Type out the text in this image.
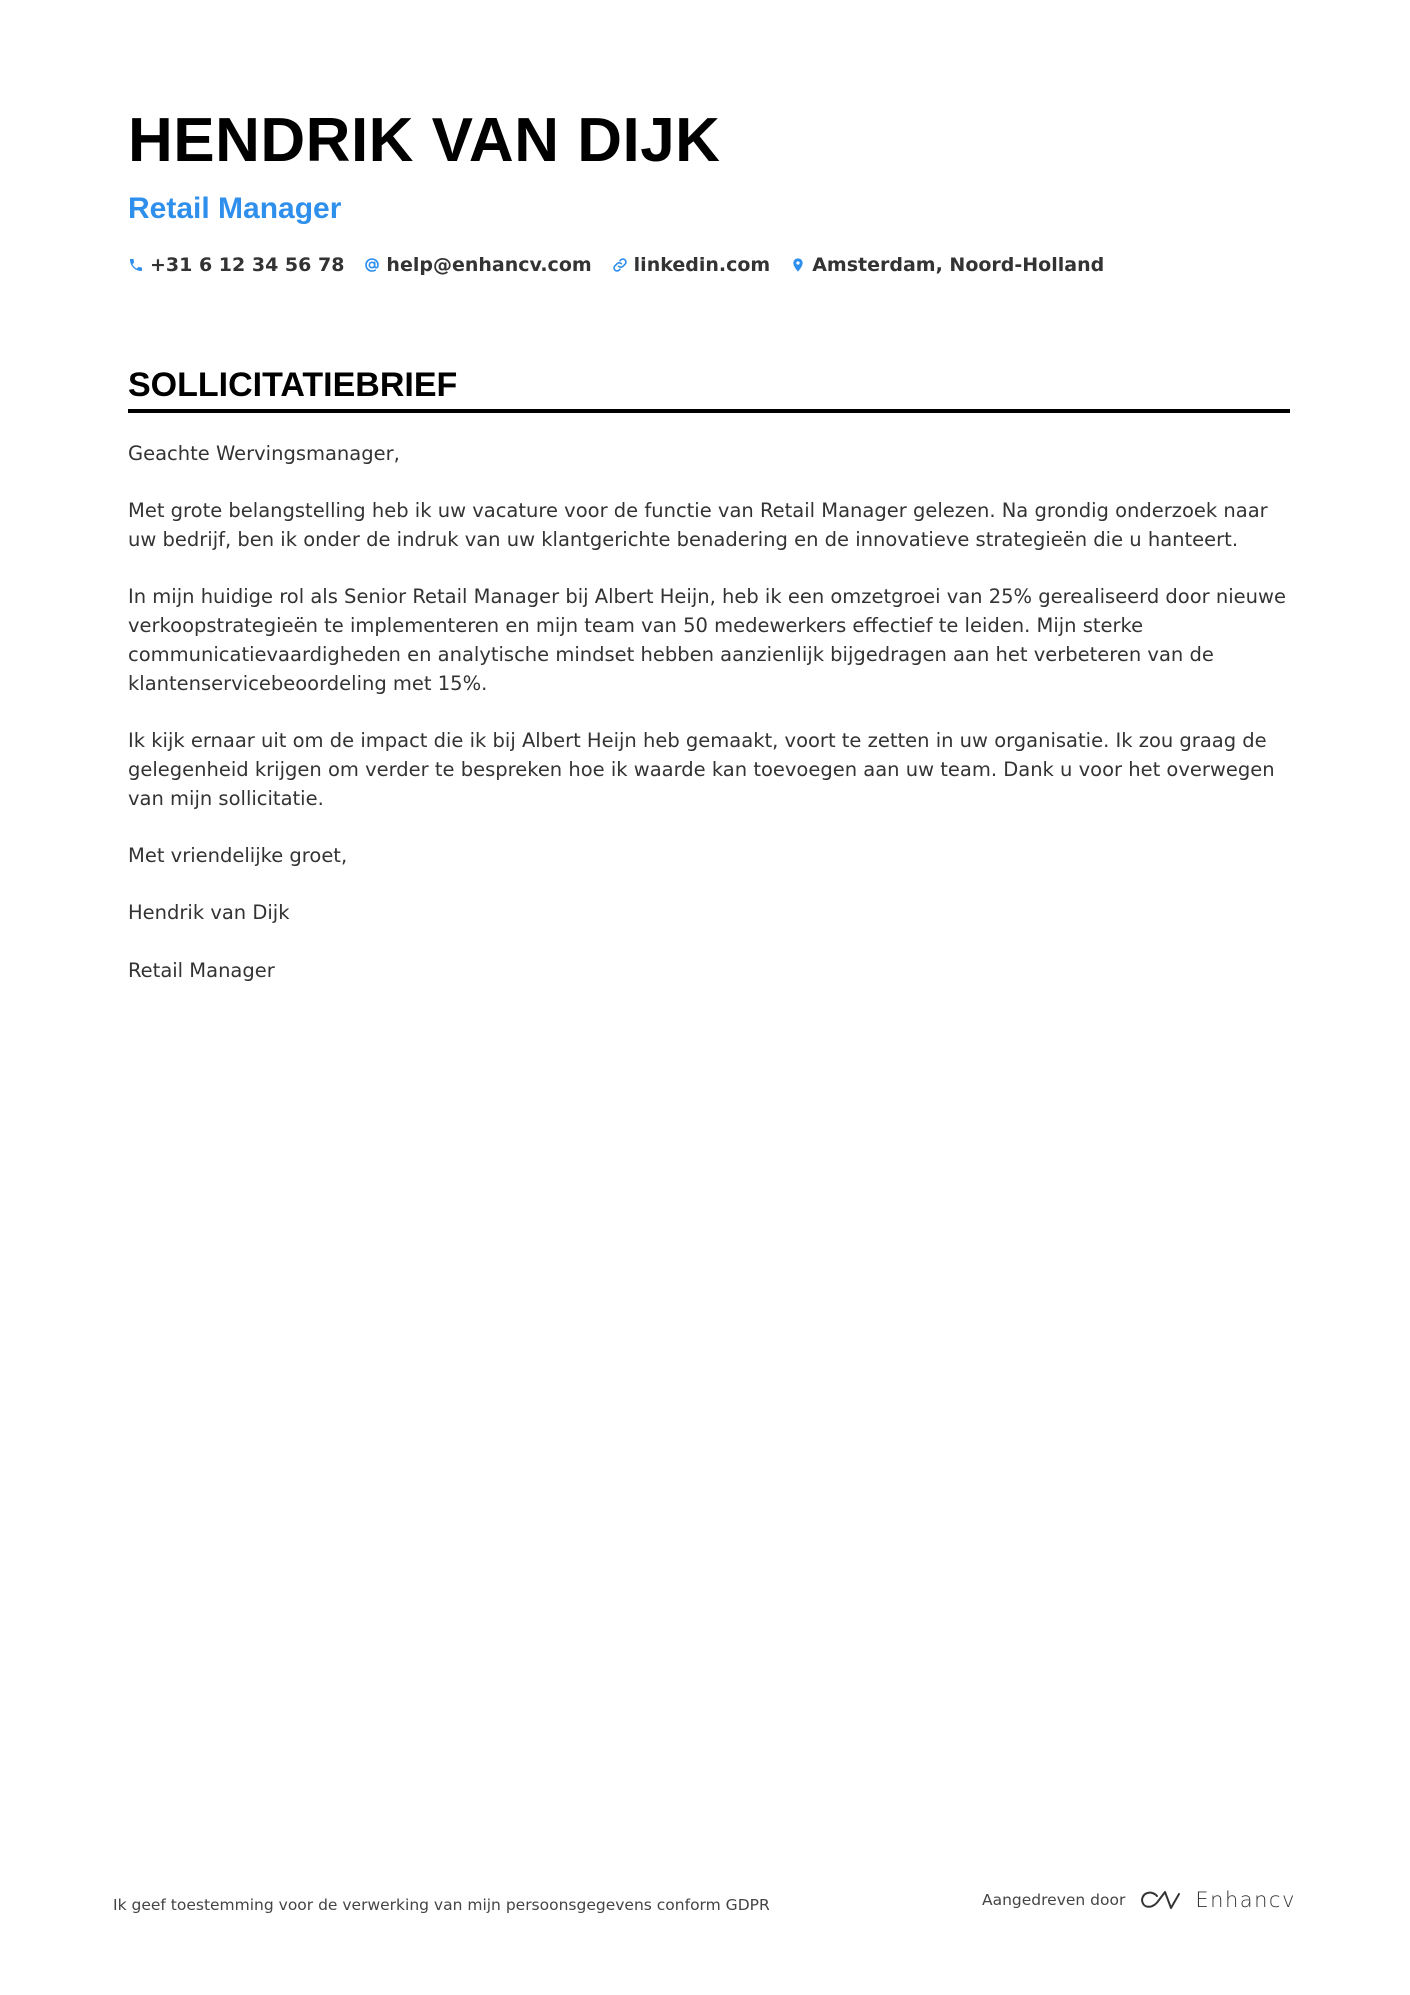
HENDRIK VAN DIJK
Retail Manager
+31 6 12 34 56 78 help@enhancv.com linkedin.com Amsterdam, Noord-Holland
SOLLICITATIEBRIEF

Geachte Wervingsmanager,

Met grote belangstelling heb ik uw vacature voor de functie van Retail Manager gelezen. Na grondig onderzoek naar uw bedrijf, ben ik onder de indruk van uw klantgerichte benadering en de innovatieve strategieën die u hanteert.

In mijn huidige rol als Senior Retail Manager bij Albert Heijn, heb ik een omzetgroei van 25% gerealiseerd door nieuwe verkoopstrategieën te implementeren en mijn team van 50 medewerkers effectief te leiden. Mijn sterke communicatievaardigheden en analytische mindset hebben aanzienlijk bijgedragen aan het verbeteren van de klantenservicebeoordeling met 15%.

Ik kijk ernaar uit om de impact die ik bij Albert Heijn heb gemaakt, voort te zetten in uw organisatie. Ik zou graag de gelegenheid krijgen om verder te bespreken hoe ik waarde kan toevoegen aan uw team. Dank u voor het overwegen van mijn sollicitatie.

Met vriendelijke groet,

Hendrik van Dijk

Retail Manager

Ik geef toestemming voor de verwerking van mijn persoonsgegevens conform GDPR	Aangedreven door	Enhancv
